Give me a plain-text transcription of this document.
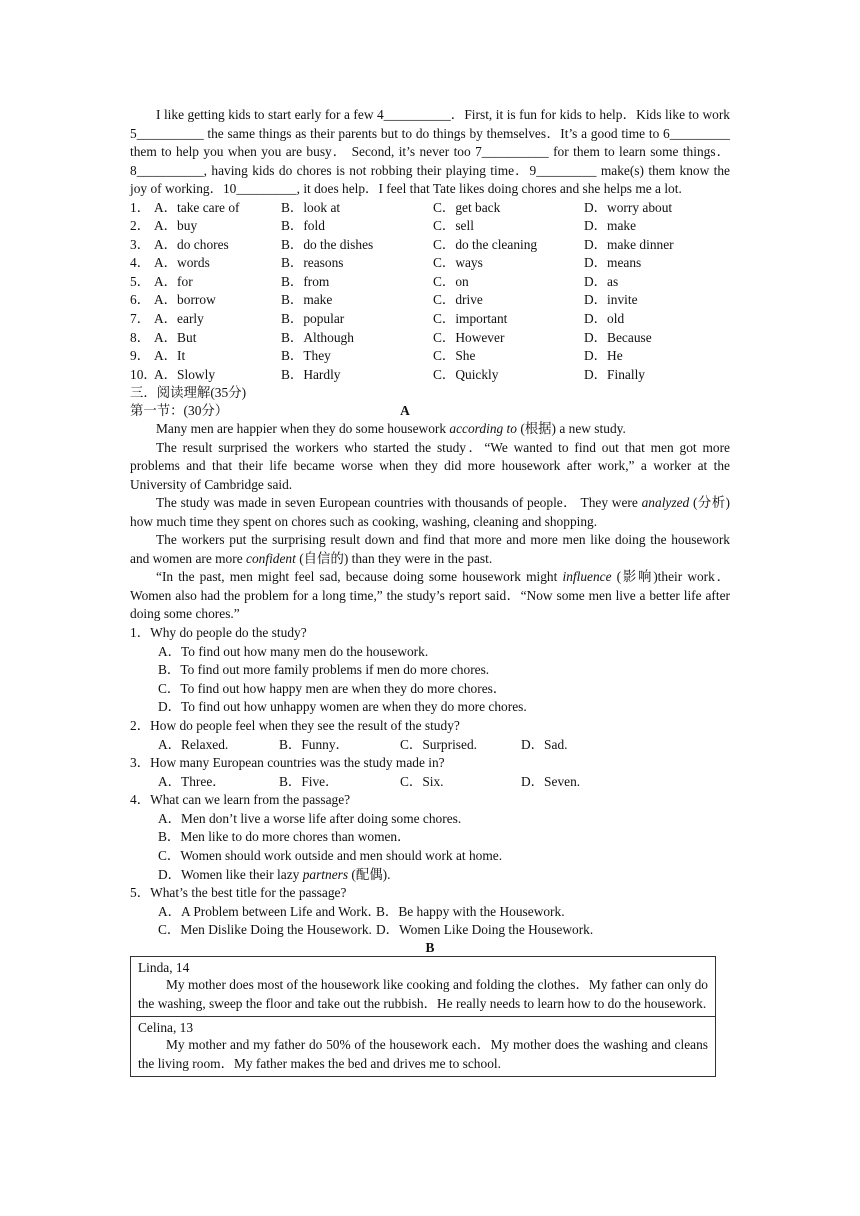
I like getting kids to start early for a few 4__________．First, it is fun for kids to help．Kids like to work 5__________ the same things as their parents but to do things by themselves．It’s a good time to 6_________ them to help you when you are busy． Second, it’s never too 7__________ for them to learn some things．8__________, having kids do chores is not robbing their playing time．9_________ make(s) them know the joy of working．10_________, it does help．I feel that Tate likes doing chores and she helps me a lot.

1． A．take care of	B．look at	C．get back	D．worry about
2． A．buy	B．fold	C．sell	D．make
3． A．do chores	B．do the dishes	C．do the cleaning	D．make dinner
4． A．words	B．reasons	C．ways	D．means
5． A．for	B．from	C．on	D．as
6． A．borrow	B．make	C．drive	D．invite
7． A．early	B．popular	C．important	D．old
8． A．But	B．Although	C．However	D．Because
9． A．It	B．They	C．She	D．He
10．A．Slowly	B．Hardly	C．Quickly	D．Finally
三．阅读理解(35分)
第一节：(30分）	A

Many men are happier when they do some housework according to (根据) a new study.

The result surprised the workers who started the study．“We wanted to find out that men got more problems and that their life became worse when they did more housework after work,” a worker at the University of Cambridge said.

The study was made in seven European countries with thousands of people． They were analyzed (分析) how much time they spent on chores such as cooking, washing, cleaning and shopping.

The workers put the surprising result down and find that more and more men like doing the housework and women are more confident (自信的) than they were in the past.

“In the past, men might feel sad, because doing some housework might influence (影响)their work．Women also had the problem for a long time,” the study’s report said．“Now some men live a better life after doing some chores.”

1．Why do people do the study?
A．To find out how many men do the housework.
B．To find out more family problems if men do more chores.
C．To find out how happy men are when they do more chores．
D．To find out how unhappy women are when they do more chores.
2．How do people feel when they see the result of the study?
A．Relaxed.	B．Funny．	C．Surprised.	D．Sad.
3．How many European countries was the study made in?
A．Three．	B．Five．	C．Six.	D．Seven.
4．What can we learn from the passage?
A．Men don’t live a worse life after doing some chores.
B．Men like to do more chores than women．
C．Women should work outside and men should work at home.
D．Women like their lazy partners (配偶).
5．What’s the best title for the passage?
A．A Problem between Life and Work．
B．Be happy with the Housework.
C．Men Dislike Doing the Housework. D．Women Like Doing the Housework.
B
Linda, 14
My mother does most of the housework like cooking and folding the clothes．My father can only do the washing, sweep the floor and take out the rubbish．He really needs to learn how to do the housework.

Celina, 13
My mother and my father do 50% of the housework each．My mother does the washing and cleans the living room．My father makes the bed and drives me to school.
